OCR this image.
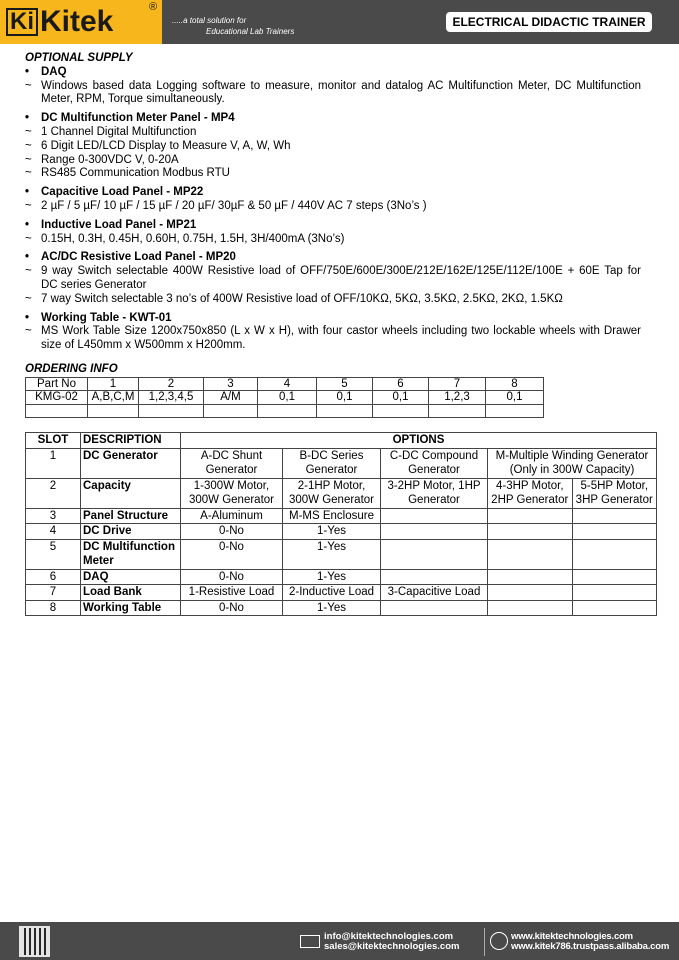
Ki Kitek	®
.....a total solution for
Educational Lab Trainers
ELECTRICAL DIDACTIC TRAINER
OPTIONAL SUPPLY
•	DAQ
~ Windows based data Logging software to measure, monitor and datalog AC Multifunction Meter, DC Multifunction Meter, RPM, Torque simultaneously.
•	DC Multifunction Meter Panel - MP4
~ 1 Channel Digital Multifunction
~ 6 Digit LED/LCD Display to Measure V, A, W, Wh
~ Range 0-300VDC V, 0-20A
~ RS485 Communication Modbus RTU
•	Capacitive Load Panel - MP22
~ 2 µF / 5 µF/ 10 µF / 15 µF / 20 µF/ 30µF & 50 µF / 440V AC 7 steps (3No’s )
•	Inductive Load Panel - MP21
~ 0.15H, 0.3H, 0.45H, 0.60H, 0.75H, 1.5H, 3H/400mA (3No’s)
•	AC/DC Resistive Load Panel - MP20
~ 9 way Switch selectable 400W Resistive load of OFF/750E/600E/300E/212E/162E/125E/112E/100E + 60E Tap for DC series Generator
~ 7 way Switch selectable 3 no’s of 400W Resistive load of OFF/10KΩ, 5KΩ, 3.5KΩ, 2.5KΩ, 2KΩ, 1.5KΩ
•	Working Table - KWT-01
~ MS Work Table Size 1200x750x850 (L x W x H), with four castor wheels including two lockable wheels with Drawer size of L450mm x W500mm x H200mm.
ORDERING INFO
Part No	1	2	3	4	5	6	7	8
KMG-02	A,B,C,M	1,2,3,4,5	A/M	0,1	0,1	0,1	1,2,3	0,1

SLOT	DESCRIPTION	OPTIONS				
1	DC Generator	A-DC Shunt Generator	B-DC Series Generator	C-DC Compound Generator	M-Multiple Winding Generator (Only in 300W Capacity)	
2	Capacity	1-300W Motor, 300W Generator	2-1HP Motor, 300W Generator	3-2HP Motor, 1HP Generator	4-3HP Motor, 2HP Generator	5-5HP Motor, 3HP Generator
3	Panel Structure	A-Aluminum	M-MS Enclosure			
4	DC Drive	0-No	1-Yes			
5	DC Multifunction Meter	0-No	1-Yes			
6	DAQ	0-No	1-Yes			
7	Load Bank	1-Resistive Load	2-Inductive Load	3-Capacitive Load		
8	Working Table	0-No	1-Yes			
info@kitektechnologies.com
sales@kitektechnologies.com
www.kitektechnologies.com
www.kitek786.trustpass.alibaba.com
